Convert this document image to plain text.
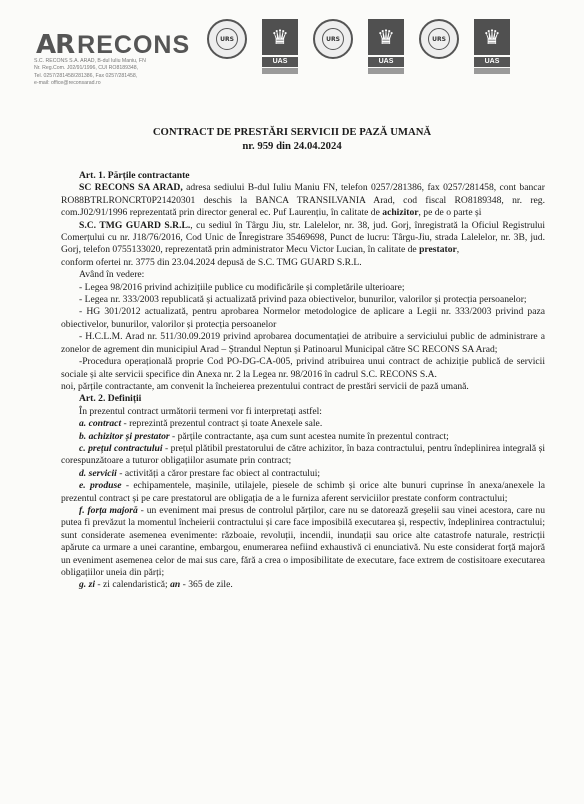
AR RECONS
S.C. RECONS S.A. ARAD, B-dul Iuliu Maniu, FN
Nr. Reg.Com. J02/91/1996, CUI RO8189348,
Tel. 0257/281458/281386, Fax 0257/281458,
e-mail: office@reconsarad.ro
URS	♛
UAS
URS	♛
UAS
URS	♛
UAS
CONTRACT DE PRESTĂRI SERVICII DE PAZĂ UMANĂ
nr. 959 din 24.04.2024

Art. 1. Părțile contractante

SC RECONS SA ARAD, adresa sediului B-dul Iuliu Maniu FN, telefon 0257/281386, fax 0257/281458, cont bancar RO88BTRLRONCRT0P21420301 deschis la BANCA TRANSILVANIA Arad, cod fiscal RO8189348, nr. reg. com.J02/91/1996 reprezentată prin director general ec. Puf Laurențiu, în calitate de achizitor, pe de o parte și

S.C. TMG GUARD S.R.L., cu sediul în Târgu Jiu, str. Lalelelor, nr. 38, jud. Gorj, înregistrată la Oficiul Registrului Comerțului cu nr. J18/76/2016, Cod Unic de Înregistrare 35469698, Punct de lucru: Târgu-Jiu, strada Lalelelor, nr. 3B, jud. Gorj, telefon 0755133020, reprezentată prin administrator Mecu Victor Lucian, în calitate de prestator,

conform ofertei nr. 3775 din 23.04.2024 depusă de S.C. TMG GUARD S.R.L.

Având în vedere:

- Legea 98/2016 privind achizițiile publice cu modificările și completările ulterioare;

- Legea nr. 333/2003 republicată și actualizată privind paza obiectivelor, bunurilor, valorilor și protecția persoanelor;

- HG 301/2012 actualizată, pentru aprobarea Normelor metodologice de aplicare a Legii nr. 333/2003 privind paza obiectivelor, bunurilor, valorilor și protecția persoanelor

- H.C.L.M. Arad nr. 511/30.09.2019 privind aprobarea documentației de atribuire a serviciului public de administrare a zonelor de agrement din municipiul Arad – Ștrandul Neptun și Patinoarul Municipal către SC RECONS SA Arad;

-Procedura operațională proprie Cod PO-DG-CA-005, privind atribuirea unui contract de achiziție publică de servicii sociale și alte servicii specifice din Anexa nr. 2 la Legea nr. 98/2016 în cadrul S.C. RECONS S.A.

noi, părțile contractante, am convenit la încheierea prezentului contract de prestări servicii de pază umană.

Art. 2. Definiții

În prezentul contract următorii termeni vor fi interpretați astfel:

a. contract - reprezintă prezentul contract și toate Anexele sale.

b. achizitor și prestator - părțile contractante, așa cum sunt acestea numite în prezentul contract;

c. prețul contractului - prețul plătibil prestatorului de către achizitor, în baza contractului, pentru îndeplinirea integrală și corespunzătoare a tuturor obligațiilor asumate prin contract;

d. servicii - activități a căror prestare fac obiect al contractului;

e. produse - echipamentele, mașinile, utilajele, piesele de schimb și orice alte bunuri cuprinse în anexa/anexele la prezentul contract și pe care prestatorul are obligația de a le furniza aferent serviciilor prestate conform contractului;

f. forța majoră - un eveniment mai presus de controlul părților, care nu se datorează greșelii sau vinei acestora, care nu putea fi prevăzut la momentul încheierii contractului și care face imposibilă executarea și, respectiv, îndeplinirea contractului; sunt considerate asemenea evenimente: războaie, revoluții, incendii, inundații sau orice alte catastrofe naturale, restricții apărute ca urmare a unei carantine, embargou, enumerarea nefiind exhaustivă ci enunciativă. Nu este considerat forță majoră un eveniment asemenea celor de mai sus care, fără a crea o imposibilitate de executare, face extrem de costisitoare executarea obligațiilor uneia din părți;

g. zi - zi calendaristică; an - 365 de zile.
